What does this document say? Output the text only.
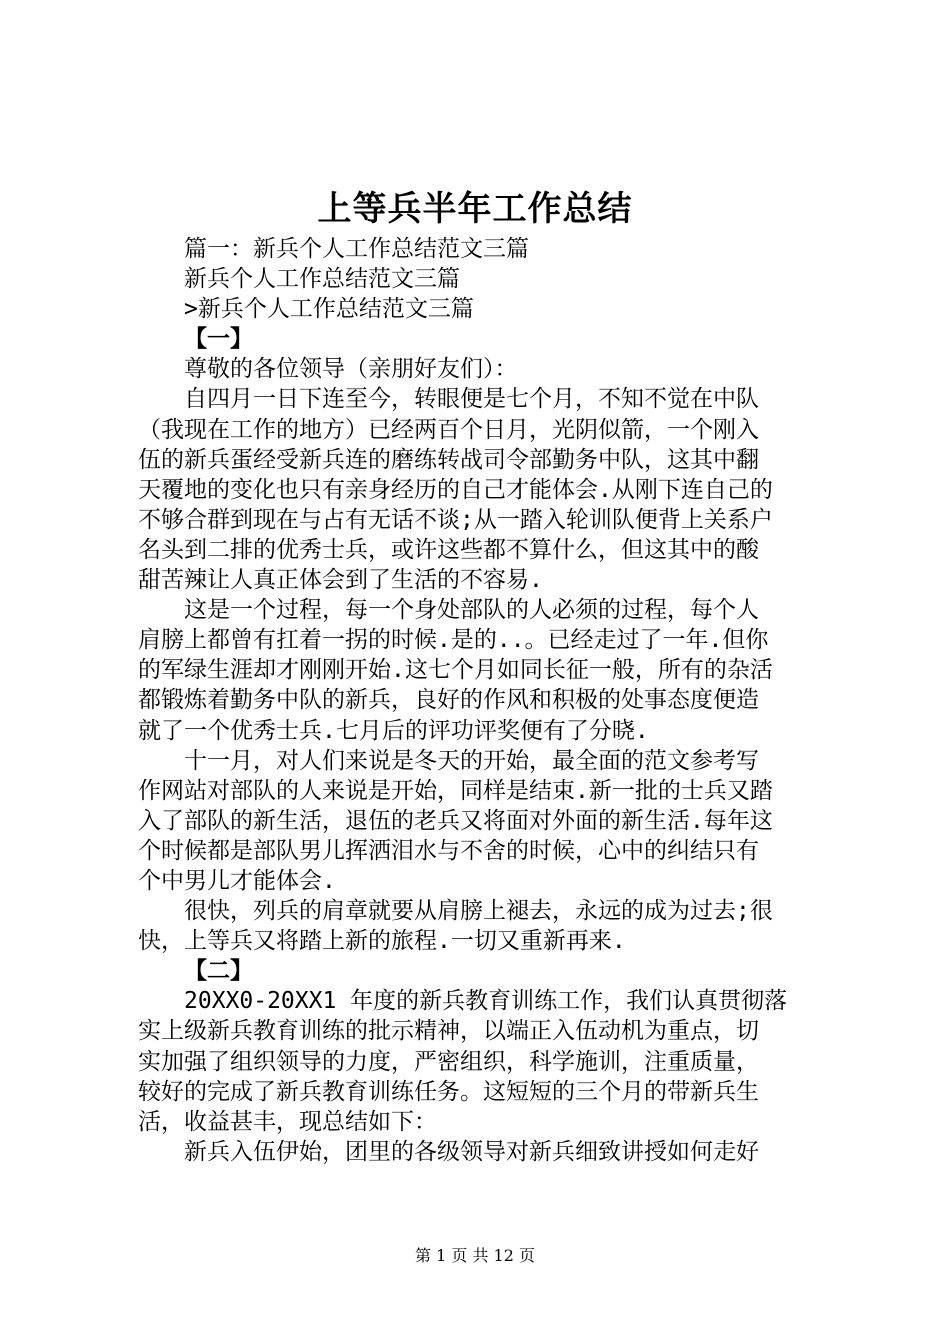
上等兵半年工作总结
篇一：新兵个人工作总结范文三篇
新兵个人工作总结范文三篇
>新兵个人工作总结范文三篇
【一】
尊敬的各位领导（亲朋好友们）：
自四月一日下连至今，转眼便是七个月，不知不觉在中队
（我现在工作的地方）已经两百个日月，光阴似箭，一个刚入
伍的新兵蛋经受新兵连的磨练转战司令部勤务中队，这其中翻
天覆地的变化也只有亲身经历的自己才能体会.从刚下连自己的
不够合群到现在与占有无话不谈;从一踏入轮训队便背上关系户
名头到二排的优秀士兵，或许这些都不算什么，但这其中的酸
甜苦辣让人真正体会到了生活的不容易.
这是一个过程，每一个身处部队的人必须的过程，每个人
肩膀上都曾有扛着一拐的时候.是的..。已经走过了一年.但你
的军绿生涯却才刚刚开始.这七个月如同长征一般，所有的杂活
都锻炼着勤务中队的新兵，良好的作风和积极的处事态度便造
就了一个优秀士兵.七月后的评功评奖便有了分晓.
十一月，对人们来说是冬天的开始，最全面的范文参考写
作网站对部队的人来说是开始，同样是结束.新一批的士兵又踏
入了部队的新生活，退伍的老兵又将面对外面的新生活.每年这
个时候都是部队男儿挥洒泪水与不舍的时候，心中的纠结只有
个中男儿才能体会.
很快，列兵的肩章就要从肩膀上褪去，永远的成为过去;很
快，上等兵又将踏上新的旅程.一切又重新再来.
【二】
20XX0-20XX1 年度的新兵教育训练工作，我们认真贯彻落
实上级新兵教育训练的批示精神，以端正入伍动机为重点，切
实加强了组织领导的力度，严密组织，科学施训，注重质量，
较好的完成了新兵教育训练任务。这短短的三个月的带新兵生
活，收益甚丰，现总结如下：
新兵入伍伊始，团里的各级领导对新兵细致讲授如何走好
第 1 页 共 12 页
